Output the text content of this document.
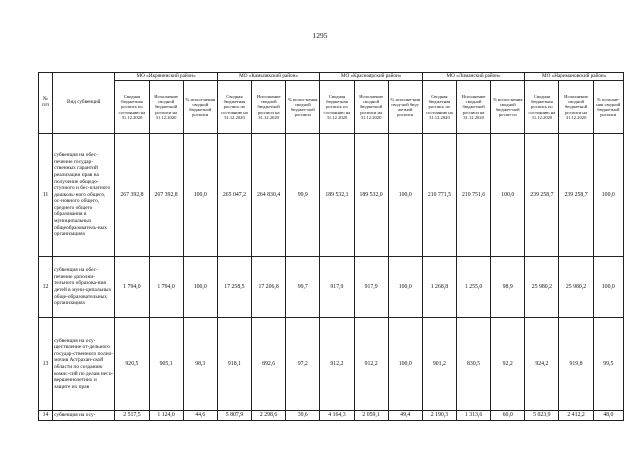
1295
№
п/п	Вид субвенций	МО «Икрянинский район»			МО «Камызякский район»			МО «Красноярский район»			МО «Лиманский район»			МО «Наримановский район»		
		Сводная бюджетная роспись по состоянию на 31.12.2020	Исполнение сводной бюджетной росписи на 31.12.2020	% испол-нения сводной бюджетной росписи	Сводная бюджетная роспись по состоянию на 31.12.2020	Исполнение сводной бюджетной росписи на 31.12.2020	% испол-нения сводной бюджет-ной росписи	Сводная бюджетная роспись по состоянию на 31.12.2020	Исполнение сводной бюджетной росписи на 31.12.2020	% исполне-ния свод-ной бюд-жетной росписи	Сводная бюджетная роспись по состоянию на 31.12.2020	Исполнение сводной бюджетной росписи на 31.12.2020	% испол-нения сводной бюджет-ной роспи-си	Сводная бюджетная роспись по состоянию на 31.12.2020	Исполнение сводной бюджетной росписи на 31.12.2020	% исполне-ния сводной бюджетной росписи
11	субвенция на обес-печение государ-ственных гарантий реализации прав на получение общедо-ступного и бес-платного дошколь-ного общего, ос-новного общего, среднего общего образования в муниципальных общеобразователь-ных организациях	267 392,8	267 392,8	100,0	265 047,2	264 830,4	99,9	189 532,1	189 532,0	100,0	210 771,5	210 751,6	100,0	239 258,7	239 258,7	100,0
12	субвенция на обес-печение дополни-тельного образова-ния детей в муни-ципальных обще-образовательных организациях	1 794,0	1 794,0	100,0	17 258,5	17 206,8	99,7	917,9	917,9	100,0	1 268,8	1 255,0	98,9	25 980,2	25 980,2	100,0
13	субвенция на осу-ществление от-дельного государ-ственного полно-мочия Астрахан-ской области по созданию комис-сий по делам несо-вершеннолетних и защите их прав	920,5	905,1	98,3	918,1	892,6	97,2	912,2	912,2	100,0	901,2	830,5	92,2	924,2	919,8	99,5
14	субвенция на осу-	2 517,5	1 124,0	44,6	5 807,9	2 298,6	39,6	4 164,3	2 059,1	49,4	2 190,3	1 313,6	60,0	5 023,9	2 412,2	48,0
